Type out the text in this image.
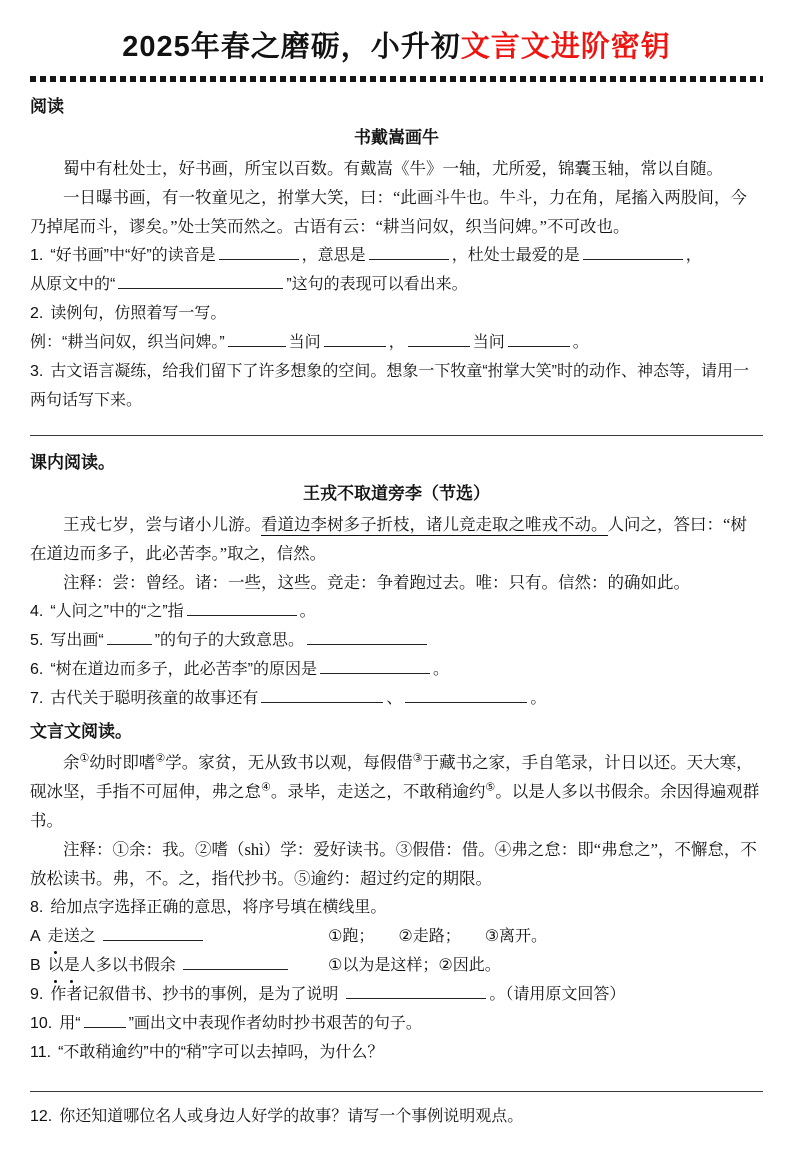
2025年春之磨砺，小升初文言文进阶密钥
阅读
书戴嵩画牛

蜀中有杜处士，好书画，所宝以百数。有戴嵩《牛》一轴，尤所爱，锦囊玉轴，常以自随。

一日曝书画，有一牧童见之，拊掌大笑，曰：“此画斗牛也。牛斗，力在角，尾搐入两股间，今乃掉尾而斗，谬矣。”处士笑而然之。古语有云：“耕当问奴，织当问婢。”不可改也。

1. “好书画”中“好”的读音是	，意思是	，杜处士最爱的是	，
从原文中的“	”这句的表现可以看出来。

2. 读例句，仿照着写一写。

例：“耕当问奴，织当问婢。”	当问	，	当问	。

3. 古文语言凝练，给我们留下了许多想象的空间。想象一下牧童“拊掌大笑”时的动作、神态等，请用一两句话写下来。

课内阅读。
王戎不取道旁李（节选）

王戎七岁，尝与诸小儿游。看道边李树多子折枝，诸儿竞走取之唯戎不动。人问之，答曰：“树在道边而多子，此必苦李。”取之，信然。

注释：尝：曾经。诸：一些，这些。竞走：争着跑过去。唯：只有。信然：的确如此。

4. “人问之”中的“之”指	。

5. 写出画“	”的句子的大致意思。

6. “树在道边而多子，此必苦李”的原因是	。

7. 古代关于聪明孩童的故事还有	、	。

文言文阅读。

余①幼时即嗜②学。家贫，无从致书以观，每假借③于藏书之家，手自笔录，计日以还。天大寒，砚冰坚，手指不可屈伸，弗之怠④。录毕，走送之，不敢稍逾约⑤。以是人多以书假余。余因得遍观群书。

注释：①余：我。②嗜（shì）学：爱好读书。③假借：借。④弗之怠：即“弗怠之”，不懈怠，不放松读书。弗，不。之，指代抄书。⑤逾约：超过约定的期限。

8. 给加点字选择正确的意思，将序号填在横线里。

A 走送之	①跑；　　②走路；　　③离开。

B 以是人多以书假余	①以为是这样；②因此。

9. 作者记叙借书、抄书的事例，是为了说明	。（请用原文回答）

10. 用“	”画出文中表现作者幼时抄书艰苦的句子。

11. “不敢稍逾约”中的“稍”字可以去掉吗，为什么？

12. 你还知道哪位名人或身边人好学的故事？请写一个事例说明观点。
